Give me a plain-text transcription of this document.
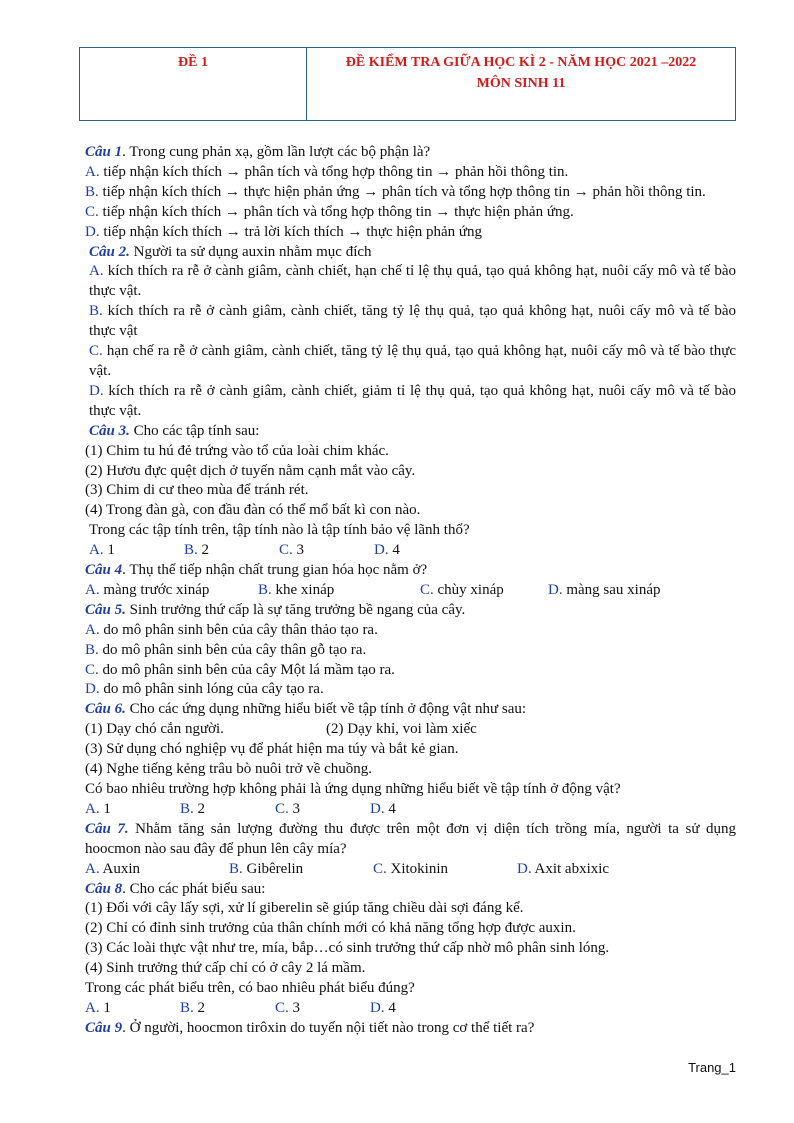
ĐỀ 1	ĐỀ KIỂM TRA GIỮA HỌC KÌ 2 - NĂM HỌC 2021 –2022
MÔN SINH 11
Câu 1. Trong cung phản xạ, gồm lần lượt các bộ phận là?
A. tiếp nhận kích thích → phân tích và tổng hợp thông tin → phản hồi thông tin.
B. tiếp nhận kích thích → thực hiện phản ứng → phân tích và tổng hợp thông tin → phản hồi thông tin.
C. tiếp nhận kích thích → phân tích và tổng hợp thông tin → thực hiện phản ứng.
D. tiếp nhận kích thích → trả lời kích thích → thực hiện phản ứng
Câu 2. Người ta sử dụng auxin nhằm mục đích
A. kích thích ra rễ ở cành giâm, cành chiết, hạn chế tỉ lệ thụ quả, tạo quả không hạt, nuôi cấy mô và tế bào thực vật.
B. kích thích ra rễ ở cành giâm, cành chiết, tăng tỷ lệ thụ quả, tạo quả không hạt, nuôi cấy mô và tế bào thực vật
C. hạn chế ra rễ ở cành giâm, cành chiết, tăng tỷ lệ thụ quả, tạo quả không hạt, nuôi cấy mô và tế bào thực vật.
D. kích thích ra rễ ở cành giâm, cành chiết, giảm tỉ lệ thụ quả, tạo quả không hạt, nuôi cấy mô và tế bào thực vật.
Câu 3. Cho các tập tính sau:
(1) Chim tu hú đẻ trứng vào tổ của loài chim khác.
(2) Hươu đực quệt dịch ở tuyến nằm cạnh mắt vào cây.
(3) Chim di cư theo mùa để tránh rét.
(4) Trong đàn gà, con đầu đàn có thể mổ bất kì con nào.
Trong các tập tính trên, tập tính nào là tập tính bảo vệ lãnh thổ?
A. 1	B. 2	C. 3	D. 4
Câu 4. Thụ thể tiếp nhận chất trung gian hóa học nằm ở?
A. màng trước xináp	B. khe xináp	C. chùy xináp	D. màng sau xináp
Câu 5. Sinh trưởng thứ cấp là sự tăng trưởng bề ngang của cây.
A. do mô phân sinh bên của cây thân thảo tạo ra.
B. do mô phân sinh bên của cây thân gỗ tạo ra.
C. do mô phân sinh bên của cây Một lá mầm tạo ra.
D. do mô phân sinh lóng của cây tạo ra.
Câu 6. Cho các ứng dụng những hiểu biết về tập tính ở động vật như sau:
(1) Dạy chó cắn người.	(2) Dạy khỉ, voi làm xiếc
(3) Sử dụng chó nghiệp vụ để phát hiện ma túy và bắt kẻ gian.
(4) Nghe tiếng kẻng trâu bò nuôi trở về chuồng.
Có bao nhiêu trường hợp không phải là ứng dụng những hiểu biết về tập tính ở động vật?
A. 1	B. 2	C. 3	D. 4
Câu 7. Nhằm tăng sản lượng đường thu được trên một đơn vị diện tích trồng mía, người ta sử dụng hoocmon nào sau đây để phun lên cây mía?
A. Auxin	B. Gibêrelin	C. Xitokinin	D. Axit abxixic
Câu 8. Cho các phát biểu sau:
(1) Đối với cây lấy sợi, xử lí giberelin sẽ giúp tăng chiều dài sợi đáng kể.
(2) Chỉ có đỉnh sinh trưởng của thân chính mới có khả năng tổng hợp được auxin.
(3) Các loài thực vật như tre, mía, bắp…có sinh trưởng thứ cấp nhờ mô phân sinh lóng.
(4) Sinh trưởng thứ cấp chỉ có ở cây 2 lá mầm.
Trong các phát biểu trên, có bao nhiêu phát biểu đúng?
A. 1	B. 2	C. 3	D. 4
Câu 9. Ở người, hoocmon tirôxin do tuyến nội tiết nào trong cơ thể tiết ra?
Trang_1
